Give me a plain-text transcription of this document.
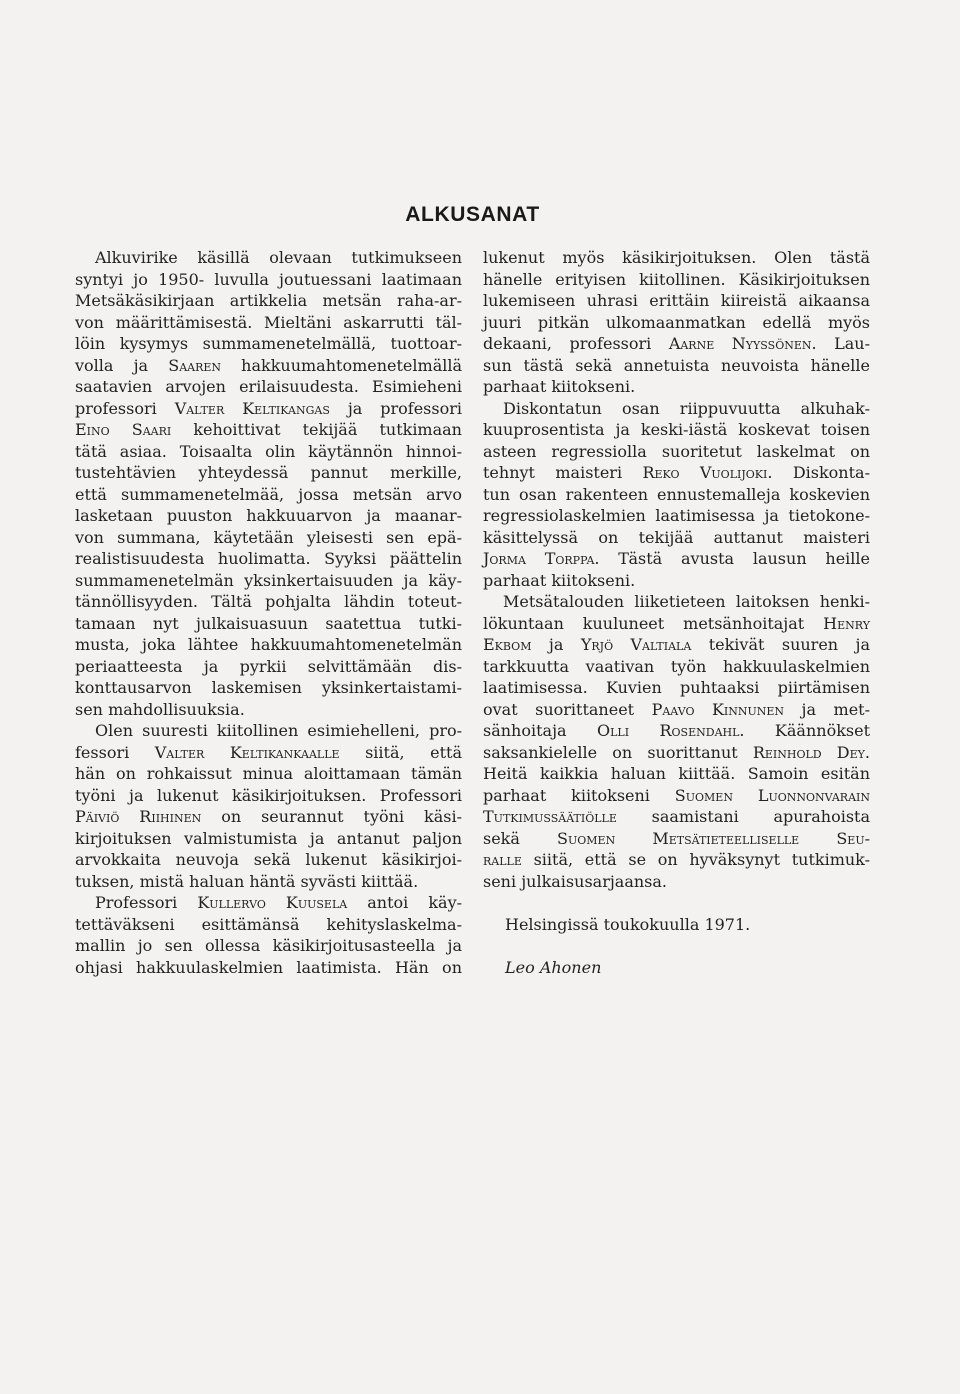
ALKUSANAT
Alkuvirike käsillä olevaan tutkimukseen
syntyi jo 1950- luvulla joutuessani laatimaan
Metsäkäsikirjaan artikkelia metsän raha-ar-
von määrittämisestä. Mieltäni askarrutti täl-
löin kysymys summamenetelmällä, tuottoar-
volla ja Saaren hakkuumahtomenetelmällä
saatavien arvojen erilaisuudesta. Esimieheni
professori Valter Keltikangas ja professori
Eino Saari kehoittivat tekijää tutkimaan
tätä asiaa. Toisaalta olin käytännön hinnoi-
tustehtävien yhteydessä pannut merkille,
että summamenetelmää, jossa metsän arvo
lasketaan puuston hakkuuarvon ja maanar-
von summana, käytetään yleisesti sen epä-
realistisuudesta huolimatta. Syyksi päättelin
summamenetelmän yksinkertaisuuden ja käy-
tännöllisyyden. Tältä pohjalta lähdin toteut-
tamaan nyt julkaisuasuun saatettua tutki-
musta, joka lähtee hakkuumahtomenetelmän
periaatteesta ja pyrkii selvittämään dis-
konttausarvon laskemisen yksinkertaistami-
sen mahdollisuuksia.
Olen suuresti kiitollinen esimiehelleni, pro-
fessori Valter Keltikankaalle siitä, että
hän on rohkaissut minua aloittamaan tämän
työni ja lukenut käsikirjoituksen. Professori
Päiviö Riihinen on seurannut työni käsi-
kirjoituksen valmistumista ja antanut paljon
arvokkaita neuvoja sekä lukenut käsikirjoi-
tuksen, mistä haluan häntä syvästi kiittää.
Professori Kullervo Kuusela antoi käy-
tettäväkseni esittämänsä kehityslaskelma-
mallin jo sen ollessa käsikirjoitusasteella ja
ohjasi hakkuulaskelmien laatimista. Hän on
lukenut myös käsikirjoituksen. Olen tästä
hänelle erityisen kiitollinen. Käsikirjoituksen
lukemiseen uhrasi erittäin kiireistä aikaansa
juuri pitkän ulkomaanmatkan edellä myös
dekaani, professori Aarne Nyyssönen. Lau-
sun tästä sekä annetuista neuvoista hänelle
parhaat kiitokseni.
Diskontatun osan riippuvuutta alkuhak-
kuuprosentista ja keski-iästä koskevat toisen
asteen regressiolla suoritetut laskelmat on
tehnyt maisteri Reko Vuolijoki. Diskonta-
tun osan rakenteen ennustemalleja koskevien
regressiolaskelmien laatimisessa ja tietokone-
käsittelyssä on tekijää auttanut maisteri
Jorma Torppa. Tästä avusta lausun heille
parhaat kiitokseni.
Metsätalouden liiketieteen laitoksen henki-
lökuntaan kuuluneet metsänhoitajat Henry
Ekbom ja Yrjö Valtiala tekivät suuren ja
tarkkuutta vaativan työn hakkuulaskelmien
laatimisessa. Kuvien puhtaaksi piirtämisen
ovat suorittaneet Paavo Kinnunen ja met-
sänhoitaja Olli Rosendahl. Käännökset
saksankielelle on suorittanut Reinhold Dey.
Heitä kaikkia haluan kiittää. Samoin esitän
parhaat kiitokseni Suomen Luonnonvarain
Tutkimussäätiölle saamistani apurahoista
sekä Suomen Metsätieteelliselle Seu-
ralle siitä, että se on hyväksynyt tutkimuk-
seni julkaisusarjaansa.
Helsingissä toukokuulla 1971.
Leo Ahonen
